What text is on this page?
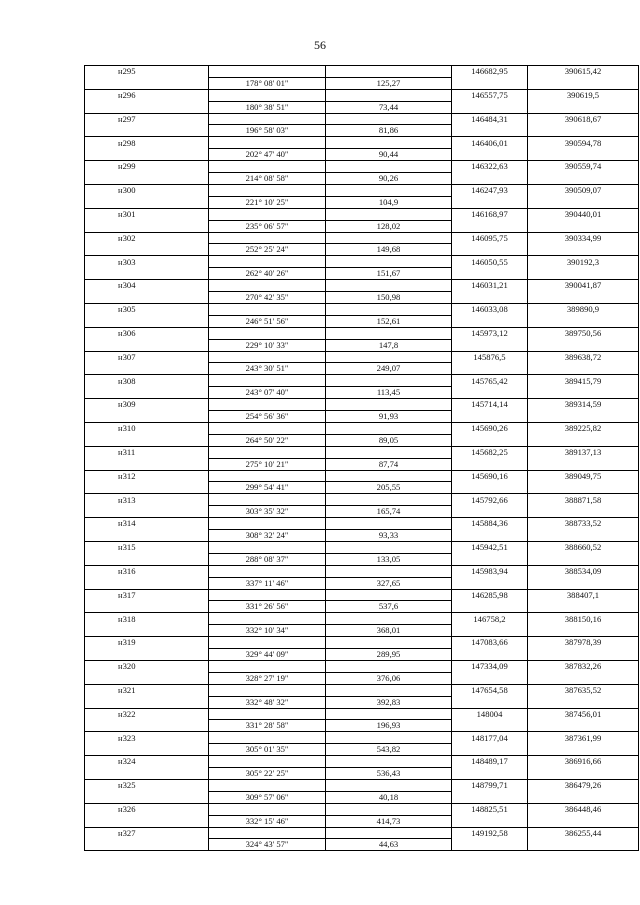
56
н295			146682,95	390615,42
	178° 08' 01"	125,27		
н296			146557,75	390619,5
	180° 38' 51"	73,44		
н297			146484,31	390618,67
	196° 58' 03"	81,86		
н298			146406,01	390594,78
	202° 47' 40"	90,44		
н299			146322,63	390559,74
	214° 08' 58"	90,26		
н300			146247,93	390509,07
	221° 10' 25"	104,9		
н301			146168,97	390440,01
	235° 06' 57"	128,02		
н302			146095,75	390334,99
	252° 25' 24"	149,68		
н303			146050,55	390192,3
	262° 40' 26"	151,67		
н304			146031,21	390041,87
	270° 42' 35"	150,98		
н305			146033,08	389890,9
	246° 51' 56"	152,61		
н306			145973,12	389750,56
	229° 10' 33"	147,8		
н307			145876,5	389638,72
	243° 30' 51"	249,07		
н308			145765,42	389415,79
	243° 07' 40"	113,45		
н309			145714,14	389314,59
	254° 56' 36"	91,93		
н310			145690,26	389225,82
	264° 50' 22"	89,05		
н311			145682,25	389137,13
	275° 10' 21"	87,74		
н312			145690,16	389049,75
	299° 54' 41"	205,55		
н313			145792,66	388871,58
	303° 35' 32"	165,74		
н314			145884,36	388733,52
	308° 32' 24"	93,33		
н315			145942,51	388660,52
	288° 08' 37"	133,05		
н316			145983,94	388534,09
	337° 11' 46"	327,65		
н317			146285,98	388407,1
	331° 26' 56"	537,6		
н318			146758,2	388150,16
	332° 10' 34"	368,01		
н319			147083,66	387978,39
	329° 44' 09"	289,95		
н320			147334,09	387832,26
	328° 27' 19"	376,06		
н321			147654,58	387635,52
	332° 48' 32"	392,83		
н322			148004	387456,01
	331° 28' 58"	196,93		
н323			148177,04	387361,99
	305° 01' 35"	543,82		
н324			148489,17	386916,66
	305° 22' 25"	536,43		
н325			148799,71	386479,26
	309° 57' 06"	40,18		
н326			148825,51	386448,46
	332° 15' 46"	414,73		
н327			149192,58	386255,44
	324° 43' 57"	44,63		
